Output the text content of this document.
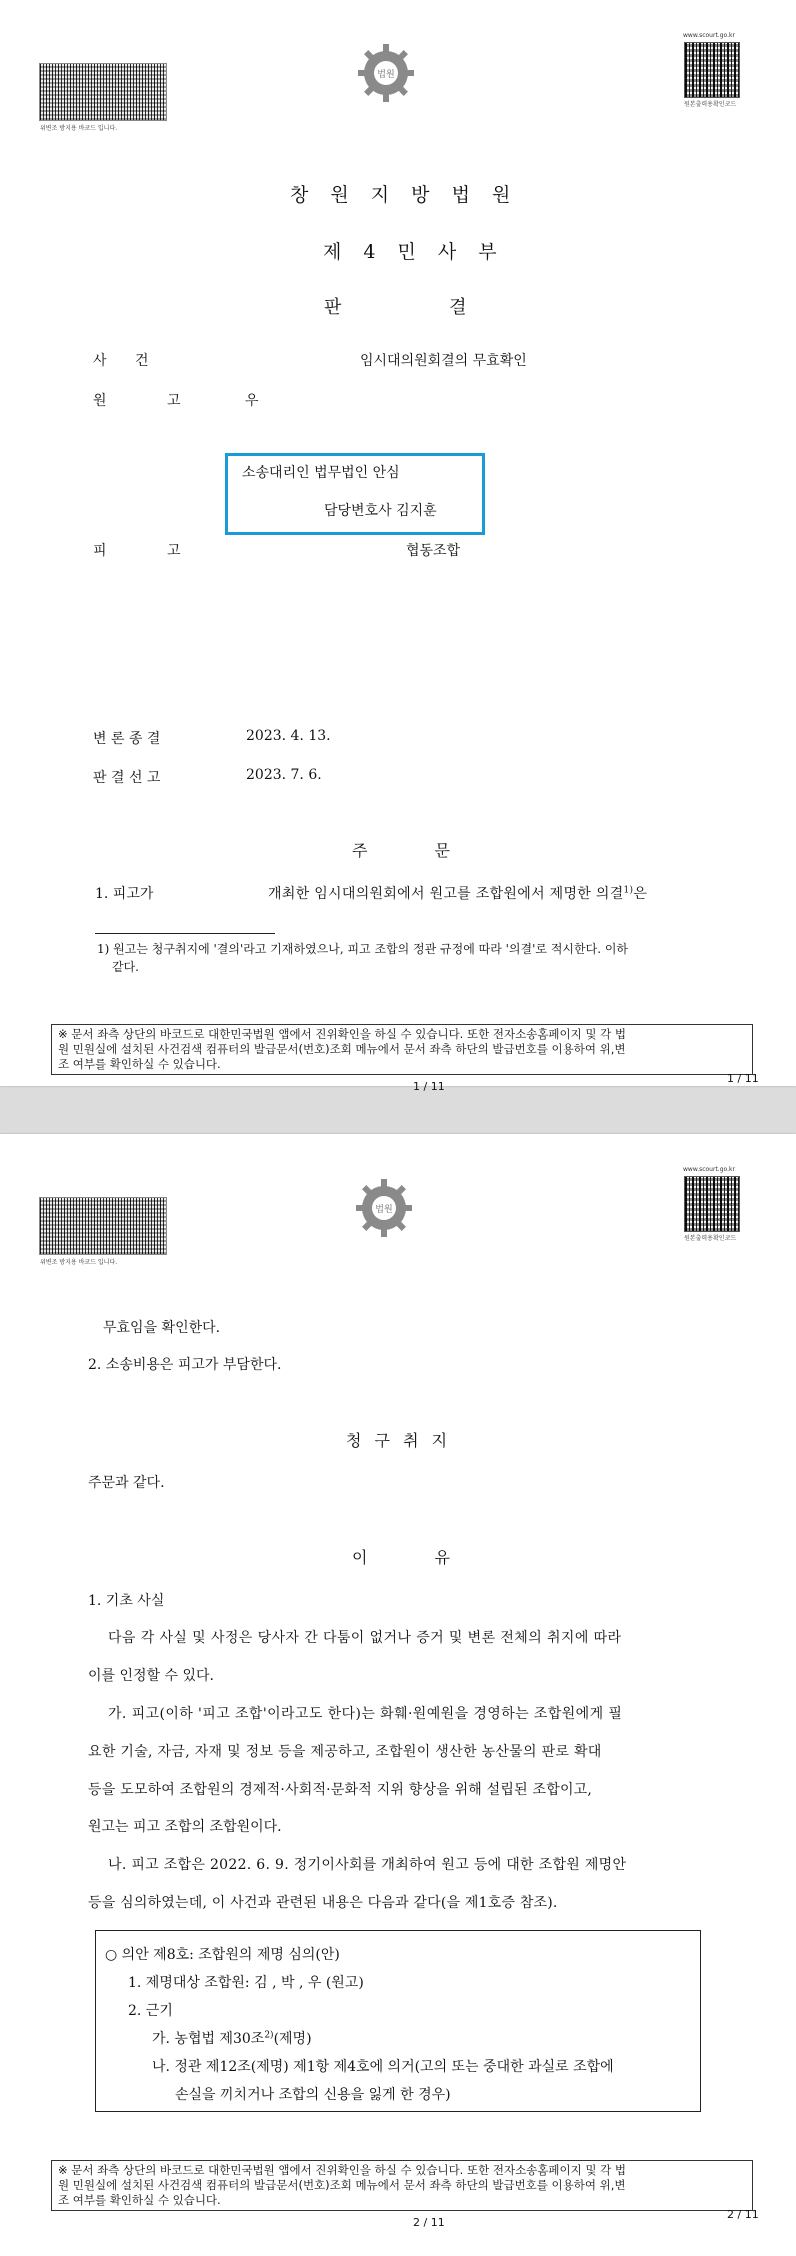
위변조 방지용 바코드 입니다.
법원
www.scourt.go.kr
원본출력용확인코드
창 원 지 방 법 원
제 4 민 사 부
판 결
사 건	임시대의원회결의 무효확인
원 고	우
소송대리인 법무법인 안심
담당변호사 김지훈
피 고	협동조합
변 론 종 결	2023. 4. 13.
판 결 선 고	2023. 7. 6.
주 문
1. 피고가	개최한 임시대의원회에서 원고를 조합원에서 제명한 의결$^{1)}$은
1) 원고는 청구취지에 '결의'라고 기재하였으나, 피고 조합의 정관 규정에 따라 '의결'로 적시한다. 이하
같다.
※ 문서 좌측 상단의 바코드로 대한민국법원 앱에서 진위확인을 하실 수 있습니다. 또한 전자소송홈페이지 및 각 법
원 민원실에 설치된 사건검색 컴퓨터의 발급문서(번호)조회 메뉴에서 문서 좌측 하단의 발급번호를 이용하여 위,변
조 여부를 확인하실 수 있습니다.
1 / 11
1 / 11
위변조 방지용 바코드 입니다.
법원
www.scourt.go.kr
원본출력용확인코드
무효임을 확인한다.
2. 소송비용은 피고가 부담한다.
청 구 취 지
주문과 같다.
이 유
1. 기초 사실
다음 각 사실 및 사정은 당사자 간 다툼이 없거나 증거 및 변론 전체의 취지에 따라
이를 인정할 수 있다.
가. 피고(이하 '피고 조합'이라고도 한다)는 화훼·원예원을 경영하는 조합원에게 필
요한 기술, 자금, 자재 및 정보 등을 제공하고, 조합원이 생산한 농산물의 판로 확대
등을 도모하여 조합원의 경제적·사회적·문화적 지위 향상을 위해 설립된 조합이고,
원고는 피고 조합의 조합원이다.
나. 피고 조합은 2022. 6. 9. 정기이사회를 개최하여 원고 등에 대한 조합원 제명안
등을 심의하였는데, 이 사건과 관련된 내용은 다음과 같다(을 제1호증 참조).
○ 의안 제8호: 조합원의 제명 심의(안)
1. 제명대상 조합원: 김 , 박 , 우 (원고)
2. 근기
가. 농협법 제30조$^{2)}$(제명)
나. 정관 제12조(제명) 제1항 제4호에 의거(고의 또는 중대한 과실로 조합에
손실을 끼치거나 조합의 신용을 잃게 한 경우)
※ 문서 좌측 상단의 바코드로 대한민국법원 앱에서 진위확인을 하실 수 있습니다. 또한 전자소송홈페이지 및 각 법
원 민원실에 설치된 사건검색 컴퓨터의 발급문서(번호)조회 메뉴에서 문서 좌측 하단의 발급번호를 이용하여 위,변
조 여부를 확인하실 수 있습니다.
2 / 11
2 / 11
